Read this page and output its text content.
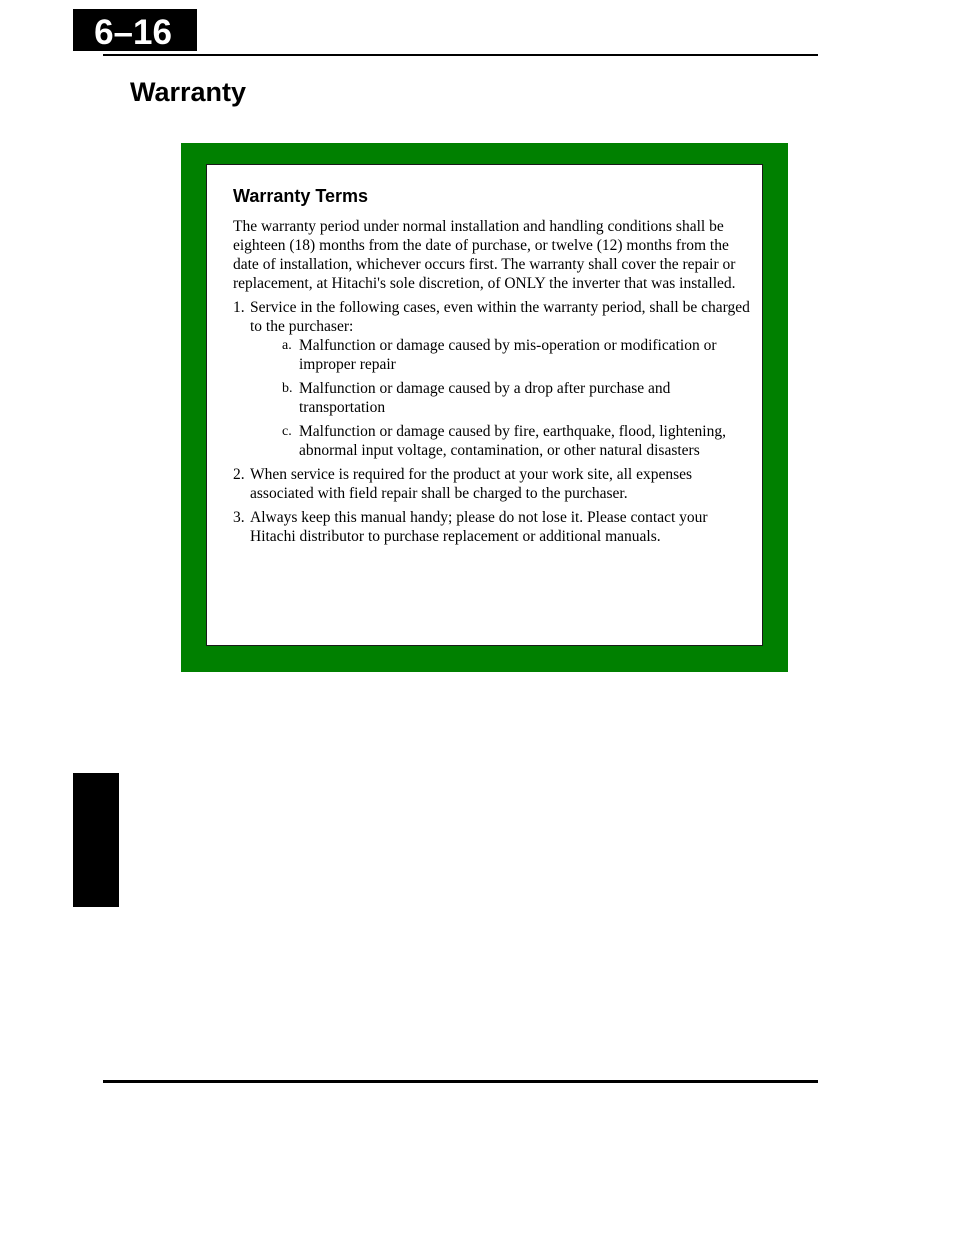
6–16
Warranty
Warranty Terms

The warranty period under normal installation and handling conditions shall be eighteen (18) months from the date of purchase, or twelve (12) months from the date of installation, whichever occurs first. The warranty shall cover the repair or replacement, at Hitachi's sole discretion, of ONLY the inverter that was installed.

1. Service in the following cases, even within the warranty period, shall be charged to the purchaser:
a. Malfunction or damage caused by mis-operation or modification or improper repair
b. Malfunction or damage caused by a drop after purchase and transportation
c. Malfunction or damage caused by fire, earthquake, flood, lightening, abnormal input voltage, contamination, or other natural disasters
2. When service is required for the product at your work site, all expenses associated with field repair shall be charged to the purchaser.
3. Always keep this manual handy; please do not lose it. Please contact your Hitachi distributor to purchase replacement or additional manuals.
